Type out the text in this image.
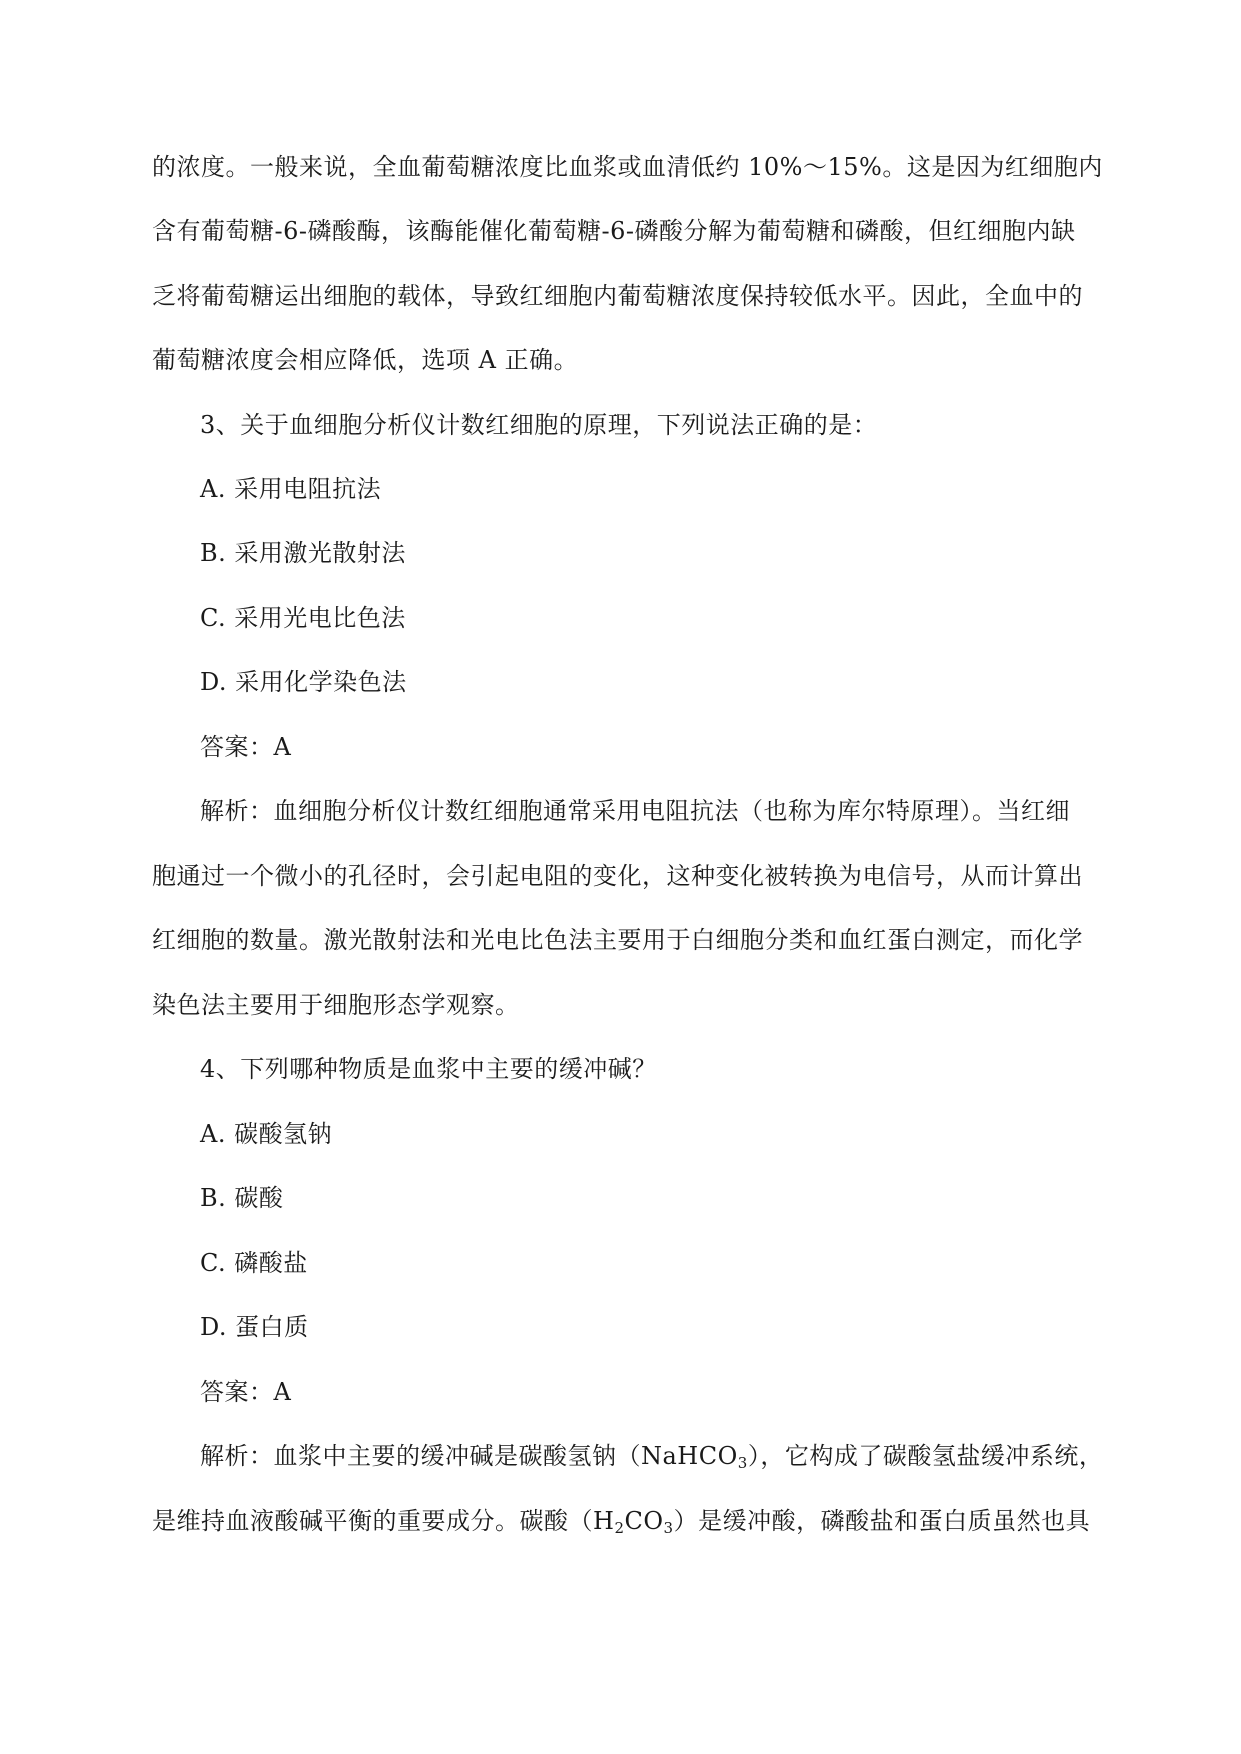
的浓度。一般来说，全血葡萄糖浓度比血浆或血清低约 10%～15%。这是因为红细胞内
含有葡萄糖-6-磷酸酶，该酶能催化葡萄糖-6-磷酸分解为葡萄糖和磷酸，但红细胞内缺
乏将葡萄糖运出细胞的载体，导致红细胞内葡萄糖浓度保持较低水平。因此，全血中的
葡萄糖浓度会相应降低，选项 A 正确。
3、关于血细胞分析仪计数红细胞的原理，下列说法正确的是：
A. 采用电阻抗法
B. 采用激光散射法
C. 采用光电比色法
D. 采用化学染色法
答案：A
解析：血细胞分析仪计数红细胞通常采用电阻抗法（也称为库尔特原理）。当红细
胞通过一个微小的孔径时，会引起电阻的变化，这种变化被转换为电信号，从而计算出
红细胞的数量。激光散射法和光电比色法主要用于白细胞分类和血红蛋白测定，而化学
染色法主要用于细胞形态学观察。
4、下列哪种物质是血浆中主要的缓冲碱？
A. 碳酸氢钠
B. 碳酸
C. 磷酸盐
D. 蛋白质
答案：A
解析：血浆中主要的缓冲碱是碳酸氢钠（NaHCO$_3$），它构成了碳酸氢盐缓冲系统，
是维持血液酸碱平衡的重要成分。碳酸$(H_2CO_3)$是缓冲酸，磷酸盐和蛋白质虽然也具
